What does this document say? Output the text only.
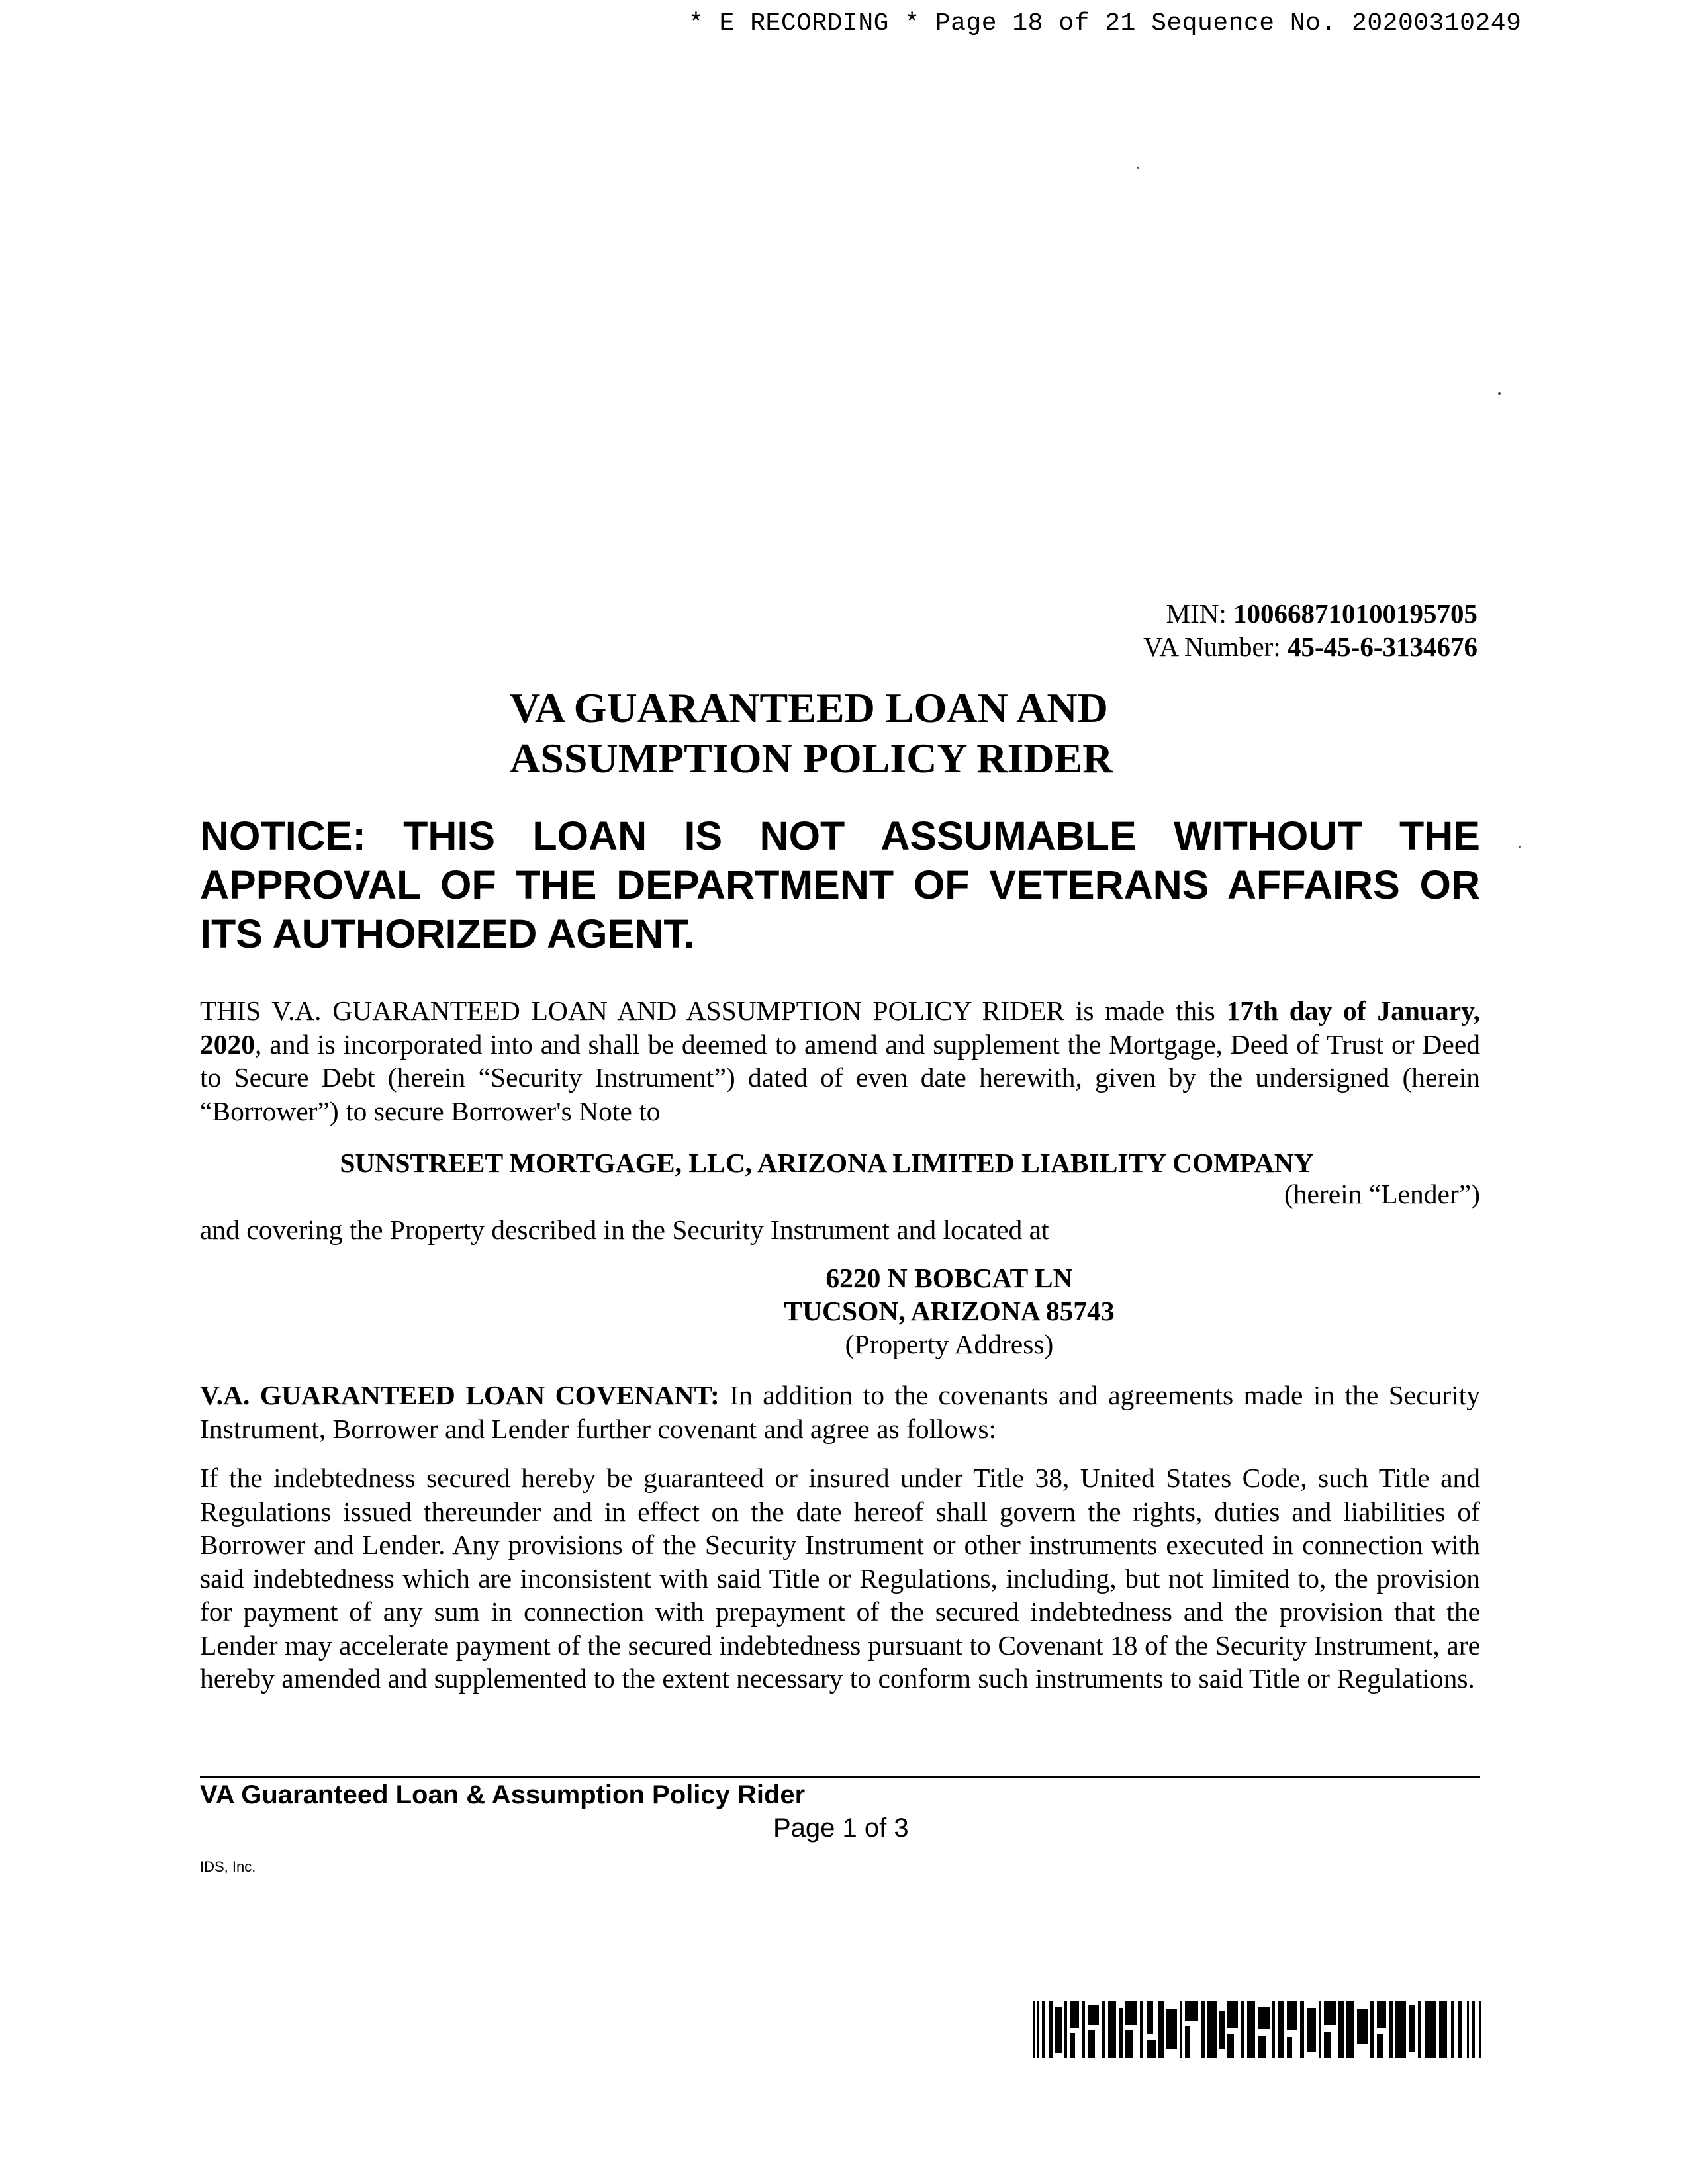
* E RECORDING * Page 18 of 21 Sequence No. 20200310249
MIN: 100668710100195705
VA Number: 45-45-6-3134676
VA GUARANTEED LOAN AND
ASSUMPTION POLICY RIDER
NOTICE: THIS LOAN IS NOT ASSUMABLE WITHOUT THE APPROVAL OF THE DEPARTMENT OF VETERANS AFFAIRS OR ITS AUTHORIZED AGENT.
THIS V.A. GUARANTEED LOAN AND ASSUMPTION POLICY RIDER is made this 17th day of January, 2020, and is incorporated into and shall be deemed to amend and supplement the Mortgage, Deed of Trust or Deed to Secure Debt (herein “Security Instrument”) dated of even date herewith, given by the undersigned (herein “Borrower”) to secure Borrower's Note to
SUNSTREET MORTGAGE, LLC, ARIZONA LIMITED LIABILITY COMPANY
(herein “Lender”)
and covering the Property described in the Security Instrument and located at
6220 N BOBCAT LN
TUCSON, ARIZONA 85743
(Property Address)
V.A. GUARANTEED LOAN COVENANT: In addition to the covenants and agreements made in the Security Instrument, Borrower and Lender further covenant and agree as follows:
If the indebtedness secured hereby be guaranteed or insured under Title 38, United States Code, such Title and Regulations issued thereunder and in effect on the date hereof shall govern the rights, duties and liabilities of Borrower and Lender. Any provisions of the Security Instrument or other instruments executed in connection with said indebtedness which are inconsistent with said Title or Regulations, including, but not limited to, the provision for payment of any sum in connection with prepayment of the secured indebtedness and the provision that the Lender may accelerate payment of the secured indebtedness pursuant to Covenant 18 of the Security Instrument, are hereby amended and supplemented to the extent necessary to conform such instruments to said Title or Regulations.
VA Guaranteed Loan & Assumption Policy Rider
Page 1 of 3
IDS, Inc.
